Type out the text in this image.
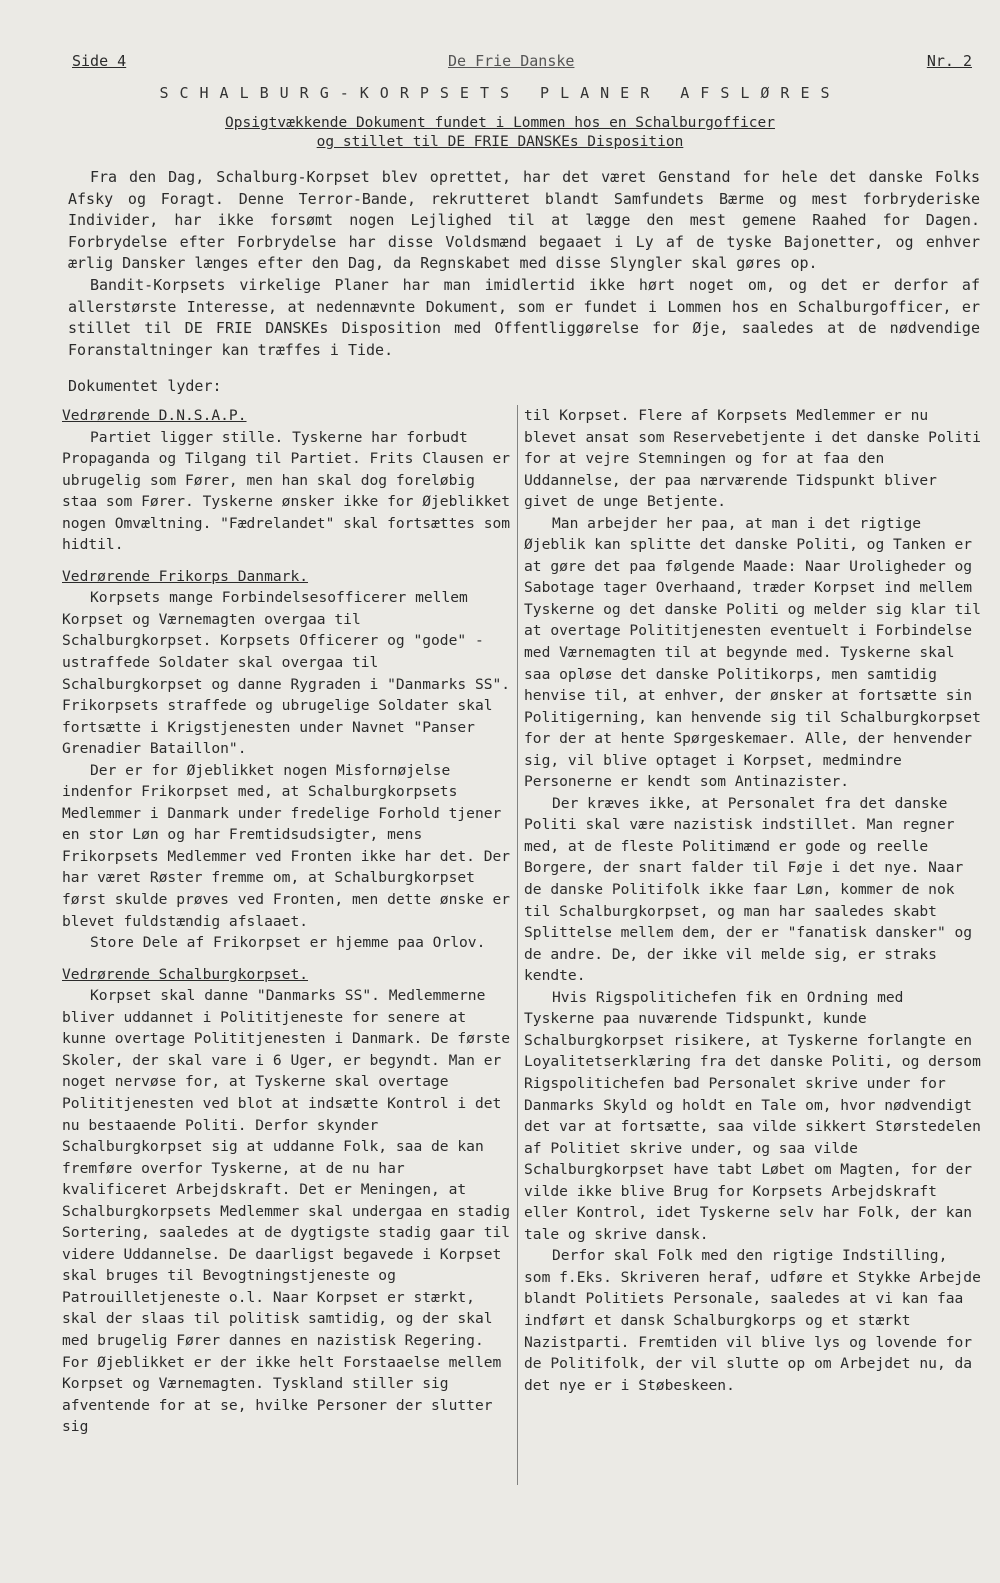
Side 4	De Frie Danske	Nr. 2
SCHALBURG-KORPSETS PLANER AFSLØRES
Opsigtvækkende Dokument fundet i Lommen hos en Schalburgofficer
og stillet til DE FRIE DANSKEs Disposition

Fra den Dag, Schalburg-Korpset blev oprettet, har det været Genstand for hele det danske Folks Afsky og Foragt. Denne Terror-Bande, rekrutteret blandt Samfundets Bærme og mest forbryderiske Individer, har ikke forsømt nogen Lejlighed til at lægge den mest gemene Raahed for Dagen. Forbrydelse efter Forbrydelse har disse Voldsmænd begaaet i Ly af de tyske Bajonetter, og enhver ærlig Dansker længes efter den Dag, da Regnskabet med disse Slyngler skal gøres op.

Bandit-Korpsets virkelige Planer har man imidlertid ikke hørt noget om, og det er derfor af allerstørste Interesse, at nedennævnte Dokument, som er fundet i Lommen hos en Schalburgofficer, er stillet til DE FRIE DANSKEs Disposition med Offentliggørelse for Øje, saaledes at de nødvendige Foranstaltninger kan træffes i Tide.

Dokumentet lyder:
Vedrørende D.N.S.A.P.

Partiet ligger stille. Tyskerne har forbudt Propaganda og Tilgang til Partiet. Frits Clausen er ubrugelig som Fører, men han skal dog foreløbig staa som Fører. Tyskerne ønsker ikke for Øjeblikket nogen Omvæltning. "Fædrelandet" skal fortsættes som hidtil.

Vedrørende Frikorps Danmark.

Korpsets mange Forbindelsesofficerer mellem Korpset og Værnemagten overgaa til Schalburgkorpset. Korpsets Officerer og "gode" - ustraffede Soldater skal overgaa til Schalburgkorpset og danne Rygraden i "Danmarks SS". Frikorpsets straffede og ubrugelige Soldater skal fortsætte i Krigstjenesten under Navnet "Panser Grenadier Bataillon".

Der er for Øjeblikket nogen Misfornøjelse indenfor Frikorpset med, at Schalburgkorpsets Medlemmer i Danmark under fredelige Forhold tjener en stor Løn og har Fremtidsudsigter, mens Frikorpsets Medlemmer ved Fronten ikke har det. Der har været Røster fremme om, at Schalburgkorpset først skulde prøves ved Fronten, men dette ønske er blevet fuldstændig afslaaet.

Store Dele af Frikorpset er hjemme paa Orlov.

Vedrørende Schalburgkorpset.

Korpset skal danne "Danmarks SS". Medlemmerne bliver uddannet i Polititjeneste for senere at kunne overtage Polititjenesten i Danmark. De første Skoler, der skal vare i 6 Uger, er begyndt. Man er noget nervøse for, at Tyskerne skal overtage Polititjenesten ved blot at indsætte Kontrol i det nu bestaaende Politi. Derfor skynder Schalburgkorpset sig at uddanne Folk, saa de kan fremføre overfor Tyskerne, at de nu har kvalificeret Arbejdskraft. Det er Meningen, at Schalburgkorpsets Medlemmer skal undergaa en stadig Sortering, saaledes at de dygtigste stadig gaar til videre Uddannelse. De daarligst begavede i Korpset skal bruges til Bevogtningstjeneste og Patrouilletjeneste o.l. Naar Korpset er stærkt, skal der slaas til politisk samtidig, og der skal med brugelig Fører dannes en nazistisk Regering. For Øjeblikket er der ikke helt Forstaaelse mellem Korpset og Værnemagten. Tyskland stiller sig afventende for at se, hvilke Personer der slutter sig

til Korpset. Flere af Korpsets Medlemmer er nu blevet ansat som Reservebetjente i det danske Politi for at vejre Stemningen og for at faa den Uddannelse, der paa nærværende Tidspunkt bliver givet de unge Betjente.

Man arbejder her paa, at man i det rigtige Øjeblik kan splitte det danske Politi, og Tanken er at gøre det paa følgende Maade: Naar Uroligheder og Sabotage tager Overhaand, træder Korpset ind mellem Tyskerne og det danske Politi og melder sig klar til at overtage Polititjenesten eventuelt i Forbindelse med Værnemagten til at begynde med. Tyskerne skal saa opløse det danske Politikorps, men samtidig henvise til, at enhver, der ønsker at fortsætte sin Politigerning, kan henvende sig til Schalburgkorpset for der at hente Spørgeskemaer. Alle, der henvender sig, vil blive optaget i Korpset, medmindre Personerne er kendt som Antinazister.

Der kræves ikke, at Personalet fra det danske Politi skal være nazistisk indstillet. Man regner med, at de fleste Politimænd er gode og reelle Borgere, der snart falder til Føje i det nye. Naar de danske Politifolk ikke faar Løn, kommer de nok til Schalburgkorpset, og man har saaledes skabt Splittelse mellem dem, der er "fanatisk dansker" og de andre. De, der ikke vil melde sig, er straks kendte.

Hvis Rigspolitichefen fik en Ordning med Tyskerne paa nuværende Tidspunkt, kunde Schalburgkorpset risikere, at Tyskerne forlangte en Loyalitetserklæring fra det danske Politi, og dersom Rigspolitichefen bad Personalet skrive under for Danmarks Skyld og holdt en Tale om, hvor nødvendigt det var at fortsætte, saa vilde sikkert Størstedelen af Politiet skrive under, og saa vilde Schalburgkorpset have tabt Løbet om Magten, for der vilde ikke blive Brug for Korpsets Arbejdskraft eller Kontrol, idet Tyskerne selv har Folk, der kan tale og skrive dansk.

Derfor skal Folk med den rigtige Indstilling, som f.Eks. Skriveren heraf, udføre et Stykke Arbejde blandt Politiets Personale, saaledes at vi kan faa indført et dansk Schalburgkorps og et stærkt Nazistparti. Fremtiden vil blive lys og lovende for de Politifolk, der vil slutte op om Arbejdet nu, da det nye er i Støbeskeen.
